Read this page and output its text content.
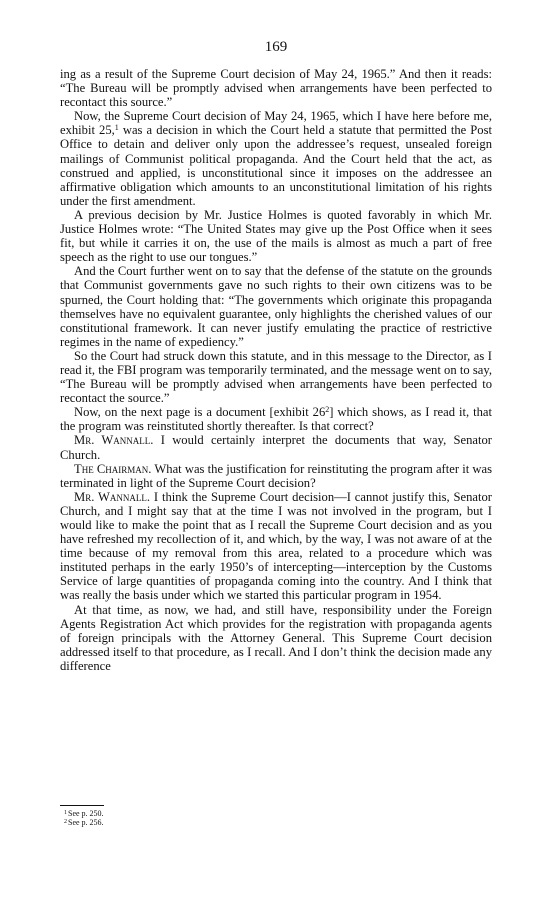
169

ing as a result of the Supreme Court decision of May 24, 1965.” And then it reads: “The Bureau will be promptly advised when arrangements have been perfected to recontact this source.”

Now, the Supreme Court decision of May 24, 1965, which I have here before me, exhibit 25,$^1$ was a decision in which the Court held a statute that permitted the Post Office to detain and deliver only upon the addressee’s request, unsealed foreign mailings of Communist political propaganda. And the Court held that the act, as construed and applied, is unconstitutional since it imposes on the addressee an affirmative obligation which amounts to an unconstitutional limitation of his rights under the first amendment.

A previous decision by Mr. Justice Holmes is quoted favorably in which Mr. Justice Holmes wrote: “The United States may give up the Post Office when it sees fit, but while it carries it on, the use of the mails is almost as much a part of free speech as the right to use our tongues.”

And the Court further went on to say that the defense of the statute on the grounds that Communist governments gave no such rights to their own citizens was to be spurned, the Court holding that: “The governments which originate this propaganda themselves have no equivalent guarantee, only highlights the cherished values of our constitutional framework. It can never justify emulating the practice of restrictive regimes in the name of expediency.”

So the Court had struck down this statute, and in this message to the Director, as I read it, the FBI program was temporarily terminated, and the message went on to say, “The Bureau will be promptly advised when arrangements have been perfected to recontact the source.”

Now, on the next page is a document [exhibit $26^2$] which shows, as I read it, that the program was reinstituted shortly thereafter. Is that correct?

Mr. Wannall. I would certainly interpret the documents that way, Senator Church.

The Chairman. What was the justification for reinstituting the program after it was terminated in light of the Supreme Court decision?

Mr. Wannall. I think the Supreme Court decision—I cannot justify this, Senator Church, and I might say that at the time I was not involved in the program, but I would like to make the point that as I recall the Supreme Court decision and as you have refreshed my recollection of it, and which, by the way, I was not aware of at the time because of my removal from this area, related to a procedure which was instituted perhaps in the early 1950’s of intercepting—interception by the Customs Service of large quantities of propaganda coming into the country. And I think that was really the basis under which we started this particular program in 1954.

At that time, as now, we had, and still have, responsibility under the Foreign Agents Registration Act which provides for the registration with propaganda agents of foreign principals with the Attorney General. This Supreme Court decision addressed itself to that procedure, as I recall. And I don’t think the decision made any difference

$^1$See p. 250.
$^2$See p. 256.
